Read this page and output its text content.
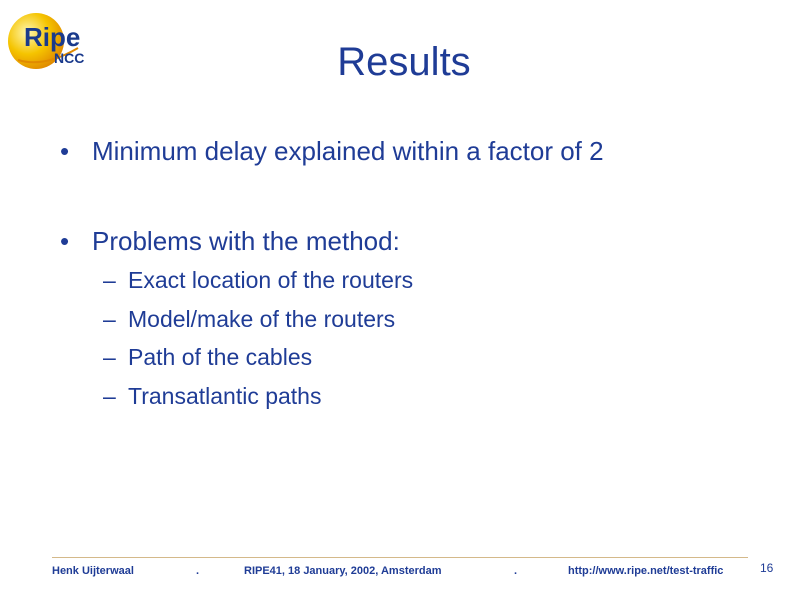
Ripe
NCC	Results
• Minimum delay explained within a factor of 2
• Problems with the method:
– Exact location of the routers
– Model/make of the routers
– Path of the cables
– Transatlantic paths
Henk Uijterwaal	.	RIPE41, 18 January, 2002, Amsterdam	.	http://www.ripe.net/test-traffic	16
